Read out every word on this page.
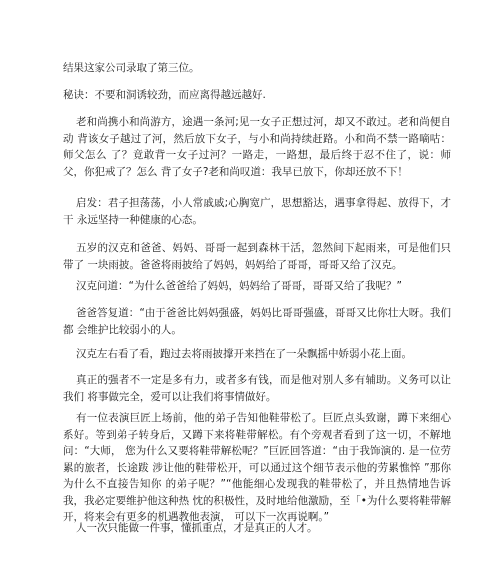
结果这家公司录取了第三位。

秘诀：不要和洞诱较劲，而应离得越远越好.

老和尚携小和尚游方，途遇一条河;见一女子正想过河，却又不敢过。老和尚便自动 背该女子越过了河，然后放下女子，与小和尚持续赶路。小和尚不禁一路嘀咕：师父怎么 了？竟敢背一女子过河？一路走，一路想，最后终于忍不住了，说：师父，你犯戒了？怎么 背了女子?老和尚叹道：我早已放下，你却还放不下！

启发：君子担荡荡，小人常戚戚;心胸宽广，思想豁达，遇事拿得起、放得下，才干 永远坚持一种健康的心态。

五岁的汉克和爸爸、妈妈、哥哥一起到森林干活，忽然间下起雨来，可是他们只带了 一块雨披。爸爸将雨披给了妈妈，妈妈给了哥哥，哥哥又给了汉克。

汉克问道：“为什么爸爸给了妈妈，妈妈给了哥哥，哥哥又给了我呢？”

爸爸答复道：“由于爸爸比妈妈强盛，妈妈比哥哥强盛，哥哥又比你壮大呀。我们都 会维护比较弱小的人。

汉克左右看了看，跑过去将雨披撑开来挡在了一朵飘摇中娇弱小花上面。

真正的强者不一定是多有力，或者多有钱，而是他对别人多有辅助。义务可以让我们 将事做完全，爱可以让我们将事情做好。

有一位表演巨匠上场前，他的弟子告知他鞋带松了。巨匠点头致谢，蹲下来细心系好。等到弟子转身后，又蹲下来将鞋带解松。有个旁观者看到了这一切，不解地问：“大师， 您为什么又要将鞋带解松呢？”巨匠回答道：“由于我饰演的. 是一位劳累的旅者，长途跋 涉让他的鞋带松开，可以通过这个细节表示他的劳累憔悴 ”那你为什么不直接告知你 的弟子呢？”“他能细心发现我的鞋带松了，并且热情地告诉我，我必定要维护他这种热 忱的积极性，及时地给他激励，至「•为什么要将鞋带解开，将来会有更多的机遇教他表演， 可以下一次再说啊。”

人一次只能做一件事，懂抓重点，才是真正的人才。
